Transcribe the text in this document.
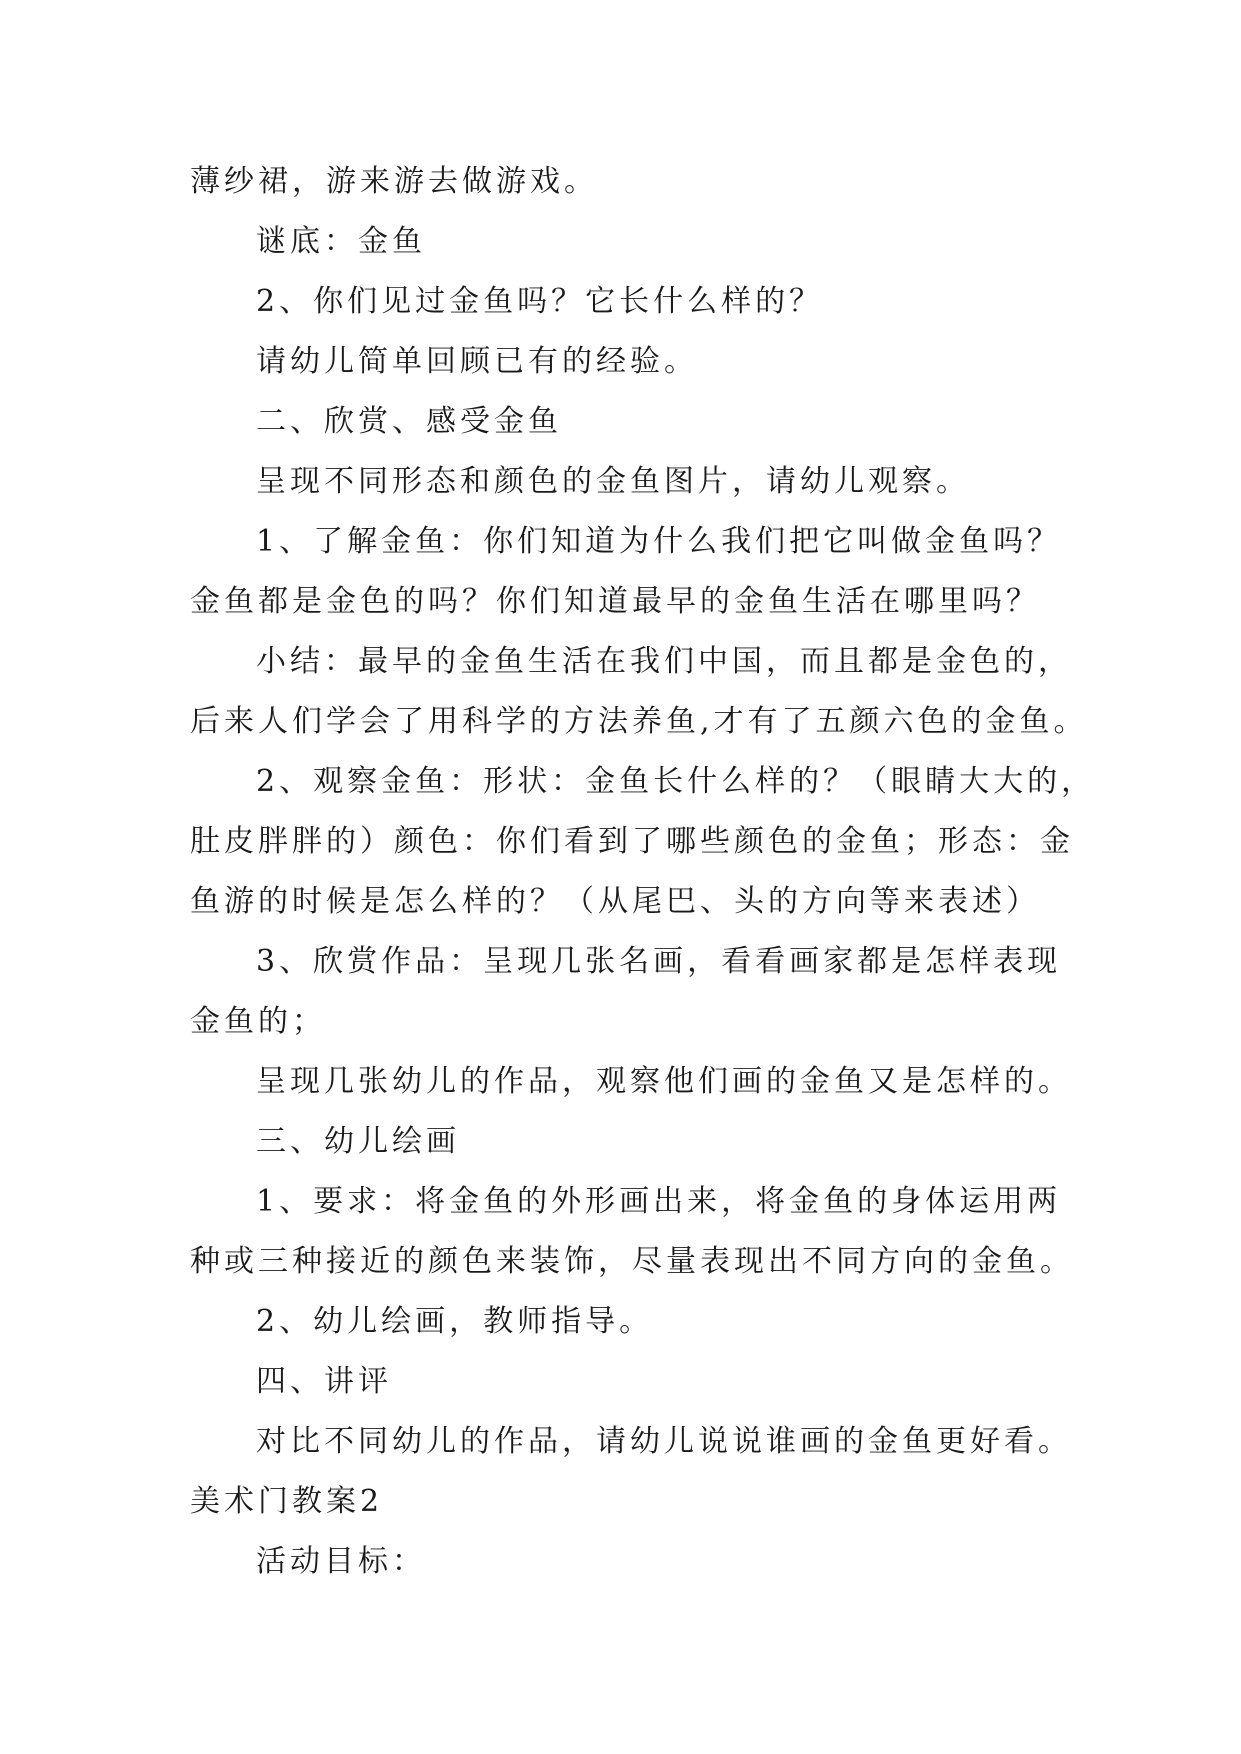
薄纱裙，游来游去做游戏。
谜底：金鱼
2、你们见过金鱼吗？它长什么样的？
请幼儿简单回顾已有的经验。
二、欣赏、感受金鱼
呈现不同形态和颜色的金鱼图片，请幼儿观察。
1、了解金鱼：你们知道为什么我们把它叫做金鱼吗？
金鱼都是金色的吗？你们知道最早的金鱼生活在哪里吗？
小结：最早的金鱼生活在我们中国，而且都是金色的，
后来人们学会了用科学的方法养鱼,才有了五颜六色的金鱼。
2、观察金鱼：形状：金鱼长什么样的？（眼睛大大的，
肚皮胖胖的）颜色：你们看到了哪些颜色的金鱼；形态：金
鱼游的时候是怎么样的？（从尾巴、头的方向等来表述）
3、欣赏作品：呈现几张名画，看看画家都是怎样表现
金鱼的；
呈现几张幼儿的作品，观察他们画的金鱼又是怎样的。
三、幼儿绘画
1、要求：将金鱼的外形画出来，将金鱼的身体运用两
种或三种接近的颜色来装饰，尽量表现出不同方向的金鱼。
2、幼儿绘画，教师指导。
四、讲评
对比不同幼儿的作品，请幼儿说说谁画的金鱼更好看。
美术门教案2
活动目标：
